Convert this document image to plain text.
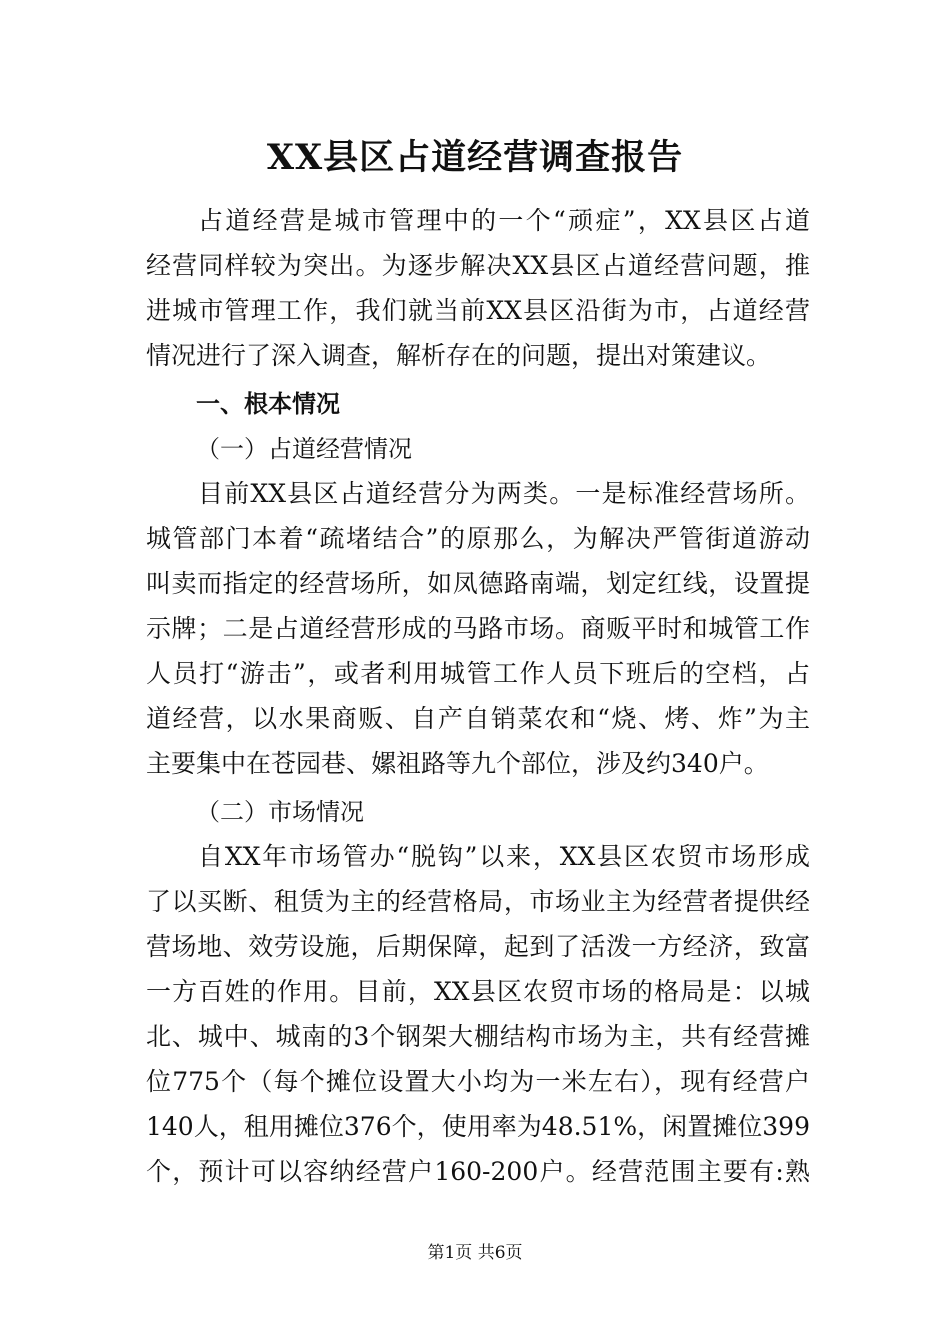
XX县区占道经营调查报告
占道经营是城市管理中的一个“顽症”，XX县区占道
经营同样较为突出。为逐步解决XX县区占道经营问题，推
进城市管理工作，我们就当前XX县区沿街为市，占道经营
情况进行了深入调查，解析存在的问题，提出对策建议。
一、根本情况
（一）占道经营情况
目前XX县区占道经营分为两类。一是标准经营场所。
城管部门本着“疏堵结合”的原那么，为解决严管街道游动
叫卖而指定的经营场所，如凤德路南端，划定红线，设置提
示牌；二是占道经营形成的马路市场。商贩平时和城管工作
人员打“游击”，或者利用城管工作人员下班后的空档，占
道经营，以水果商贩、自产自销菜农和“烧、烤、炸”为主
主要集中在苍园巷、嫘祖路等九个部位，涉及约340户。
（二）市场情况
自XX年市场管办“脱钩”以来，XX县区农贸市场形成
了以买断、租赁为主的经营格局，市场业主为经营者提供经
营场地、效劳设施，后期保障，起到了活泼一方经济，致富
一方百姓的作用。目前，XX县区农贸市场的格局是：以城
北、城中、城南的3个钢架大棚结构市场为主，共有经营摊
位775个（每个摊位设置大小均为一米左右），现有经营户
140人，租用摊位376个，使用率为48.51%，闲置摊位399
个，预计可以容纳经营户160-200户。经营范围主要有:熟
第1页 共6页
